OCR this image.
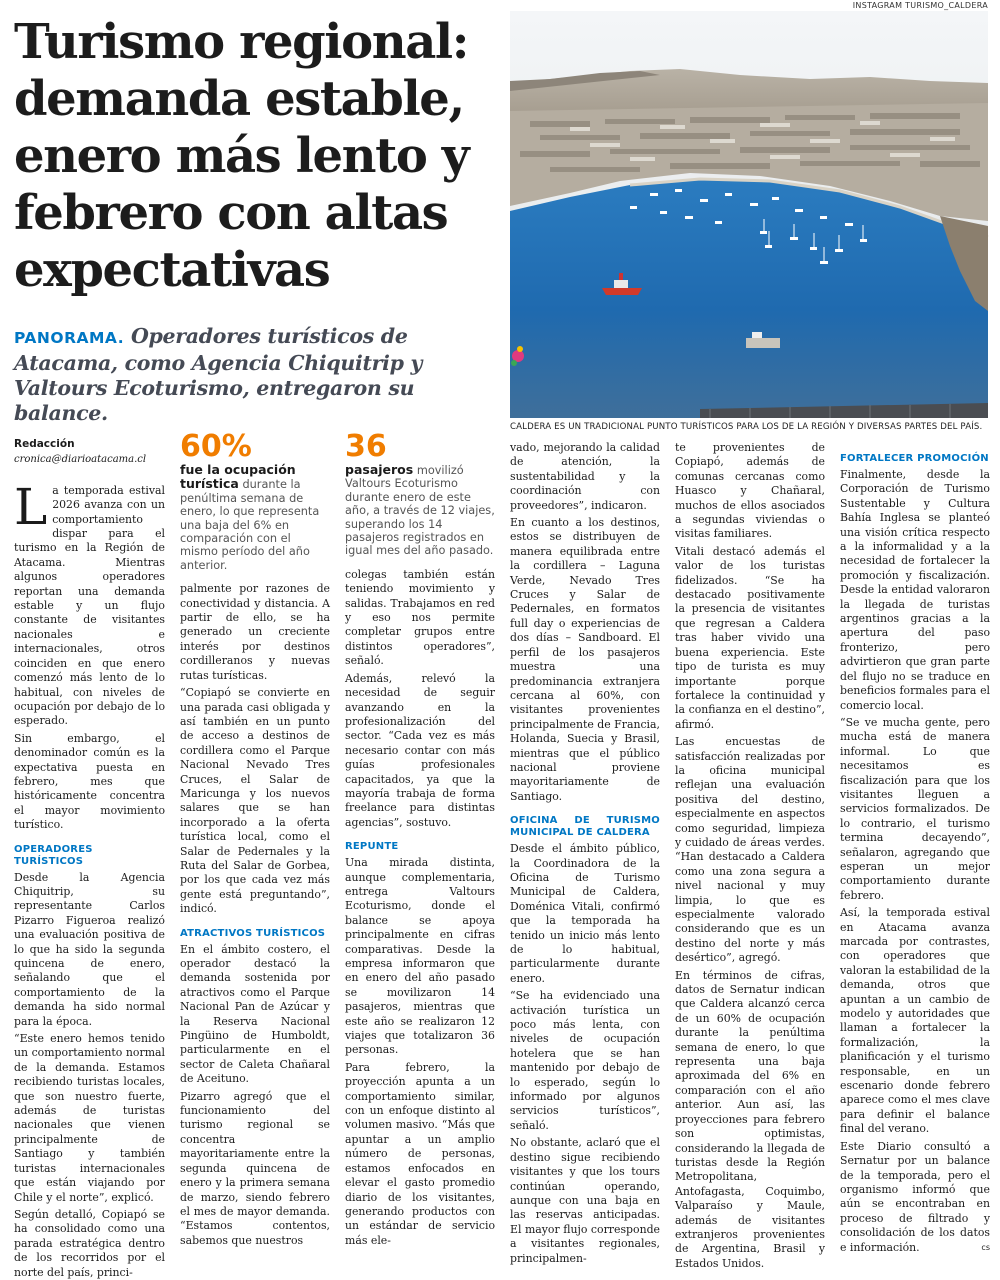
Turismo regional: demanda estable, enero más lento y febrero con altas expectativas
PANORAMA. Operadores turísticos de Atacama, como Agencia Chiquitrip y Valtours Ecoturismo, entregaron su balance.
INSTAGRAM TURISMO_CALDERA
CALDERA ES UN TRADICIONAL PUNTO TURÍSTICOS PARA LOS DE LA REGIÓN Y DIVERSAS PARTES DEL PAÍS.
Redacción
cronica@diarioatacama.cl

La temporada estival 2026 avanza con un comportamiento dispar para el turismo en la Región de Atacama. Mientras algunos operadores reportan una demanda estable y un flujo constante de visitantes nacionales e internacionales, otros coinciden en que enero comenzó más lento de lo habitual, con niveles de ocupación por debajo de lo esperado.

Sin embargo, el denominador común es la expectativa puesta en febrero, mes que históricamente concentra el mayor movimiento turístico.

OPERADORES TURÍSTICOS

Desde la Agencia Chiquitrip, su representante Carlos Pizarro Figueroa realizó una evaluación positiva de lo que ha sido la segunda quincena de enero, señalando que el comportamiento de la demanda ha sido normal para la época.

“Este enero hemos tenido un comportamiento normal de la demanda. Estamos recibiendo turistas locales, que son nuestro fuerte, además de turistas nacionales que vienen principalmente de Santiago y también turistas internacionales que están viajando por Chile y el norte”, explicó.

Según detalló, Copiapó se ha consolidado como una parada estratégica dentro de los recorridos por el norte del país, princi-

60%
fue la ocupación turística durante la penúltima semana de enero, lo que representa una baja del 6% en comparación con el mismo período del año anterior.

palmente por razones de conectividad y distancia. A partir de ello, se ha generado un creciente interés por destinos cordilleranos y nuevas rutas turísticas.

“Copiapó se convierte en una parada casi obligada y así también en un punto de acceso a destinos de cordillera como el Parque Nacional Nevado Tres Cruces, el Salar de Maricunga y los nuevos salares que se han incorporado a la oferta turística local, como el Salar de Pedernales y la Ruta del Salar de Gorbea, por los que cada vez más gente está preguntando”, indicó.

ATRACTIVOS TURÍSTICOS

En el ámbito costero, el operador destacó la demanda sostenida por atractivos como el Parque Nacional Pan de Azúcar y la Reserva Nacional Pingüino de Humboldt, particularmente en el sector de Caleta Chañaral de Aceituno.

Pizarro agregó que el funcionamiento del turismo regional se concentra mayoritariamente entre la segunda quincena de enero y la primera semana de marzo, siendo febrero el mes de mayor demanda. “Estamos contentos, sabemos que nuestros

36
pasajeros movilizó Valtours Ecoturismo durante enero de este año, a través de 12 viajes, superando los 14 pasajeros registrados en igual mes del año pasado.

colegas también están teniendo movimiento y salidas. Trabajamos en red y eso nos permite completar grupos entre distintos operadores”, señaló.

Además, relevó la necesidad de seguir avanzando en la profesionalización del sector. “Cada vez es más necesario contar con más guías profesionales capacitados, ya que la mayoría trabaja de forma freelance para distintas agencias”, sostuvo.

REPUNTE

Una mirada distinta, aunque complementaria, entrega Valtours Ecoturismo, donde el balance se apoya principalmente en cifras comparativas. Desde la empresa informaron que en enero del año pasado se movilizaron 14 pasajeros, mientras que este año se realizaron 12 viajes que totalizaron 36 personas.

Para febrero, la proyección apunta a un comportamiento similar, con un enfoque distinto al volumen masivo. “Más que apuntar a un amplio número de personas, estamos enfocados en elevar el gasto promedio diario de los visitantes, generando productos con un estándar de servicio más ele-

vado, mejorando la calidad de atención, la sustentabilidad y la coordinación con proveedores”, indicaron.

En cuanto a los destinos, estos se distribuyen de manera equilibrada entre la cordillera – Laguna Verde, Nevado Tres Cruces y Salar de Pedernales, en formatos full day o experiencias de dos días – Sandboard. El perfil de los pasajeros muestra una predominancia extranjera cercana al 60%, con visitantes provenientes principalmente de Francia, Holanda, Suecia y Brasil, mientras que el público nacional proviene mayoritariamente de Santiago.

OFICINA DE TURISMO MUNICIPAL DE CALDERA

Desde el ámbito público, la Coordinadora de la Oficina de Turismo Municipal de Caldera, Doménica Vitali, confirmó que la temporada ha tenido un inicio más lento de lo habitual, particularmente durante enero.

“Se ha evidenciado una activación turística un poco más lenta, con niveles de ocupación hotelera que se han mantenido por debajo de lo esperado, según lo informado por algunos servicios turísticos”, señaló.

No obstante, aclaró que el destino sigue recibiendo visitantes y que los tours continúan operando, aunque con una baja en las reservas anticipadas. El mayor flujo corresponde a visitantes regionales, principalmen-

te provenientes de Copiapó, además de comunas cercanas como Huasco y Chañaral, muchos de ellos asociados a segundas viviendas o visitas familiares.

Vitali destacó además el valor de los turistas fidelizados. “Se ha destacado positivamente la presencia de visitantes que regresan a Caldera tras haber vivido una buena experiencia. Este tipo de turista es muy importante porque fortalece la continuidad y la confianza en el destino”, afirmó.

Las encuestas de satisfacción realizadas por la oficina municipal reflejan una evaluación positiva del destino, especialmente en aspectos como seguridad, limpieza y cuidado de áreas verdes. “Han destacado a Caldera como una zona segura a nivel nacional y muy limpia, lo que es especialmente valorado considerando que es un destino del norte y más desértico”, agregó.

En términos de cifras, datos de Sernatur indican que Caldera alcanzó cerca de un 60% de ocupación durante la penúltima semana de enero, lo que representa una baja aproximada del 6% en comparación con el año anterior. Aun así, las proyecciones para febrero son optimistas, considerando la llegada de turistas desde la Región Metropolitana, Antofagasta, Coquimbo, Valparaíso y Maule, además de visitantes extranjeros provenientes de Argentina, Brasil y Estados Unidos.

FORTALECER PROMOCIÓN

Finalmente, desde la Corporación de Turismo Sustentable y Cultura Bahía Inglesa se planteó una visión crítica respecto a la informalidad y a la necesidad de fortalecer la promoción y fiscalización. Desde la entidad valoraron la llegada de turistas argentinos gracias a la apertura del paso fronterizo, pero advirtieron que gran parte del flujo no se traduce en beneficios formales para el comercio local.

“Se ve mucha gente, pero mucha está de manera informal. Lo que necesitamos es fiscalización para que los visitantes lleguen a servicios formalizados. De lo contrario, el turismo termina decayendo”, señalaron, agregando que esperan un mejor comportamiento durante febrero.

Así, la temporada estival en Atacama avanza marcada por contrastes, con operadores que valoran la estabilidad de la demanda, otros que apuntan a un cambio de modelo y autoridades que llaman a fortalecer la formalización, la planificación y el turismo responsable, en un escenario donde febrero aparece como el mes clave para definir el balance final del verano.

Este Diario consultó a Sernatur por un balance de la temporada, pero el organismo informó que aún se encontraban en proceso de filtrado y consolidación de los datos e información.	cs
